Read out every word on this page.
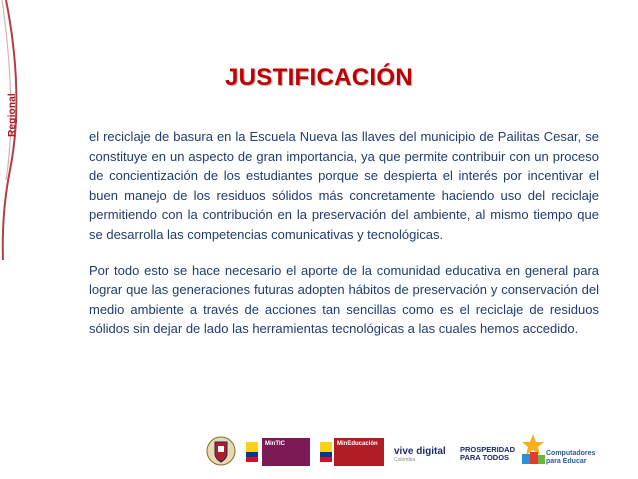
Regional
JUSTIFICACIÓN

el reciclaje de basura en la Escuela Nueva las llaves del municipio de Pailitas Cesar, se constituye en un aspecto de gran importancia, ya que permite contribuir con un proceso de concientización de los estudiantes porque se despierta el interés por incentivar el buen manejo de los residuos sólidos más concretamente haciendo uso del reciclaje permitiendo con la contribución en la preservación del ambiente, al mismo tiempo que se desarrolla las competencias comunicativas y tecnológicas.

Por todo esto se hace necesario el aporte de la comunidad educativa en general para lograr que las generaciones futuras adopten hábitos de preservación y conservación del medio ambiente a través de acciones tan sencillas como es el reciclaje de residuos sólidos sin dejar de lado las herramientas tecnológicas a las cuales hemos accedido.

MinTIC	MinEducación
vive digital
Colombia
PROSPERIDAD
PARA TODOS	Computadores
para Educar
